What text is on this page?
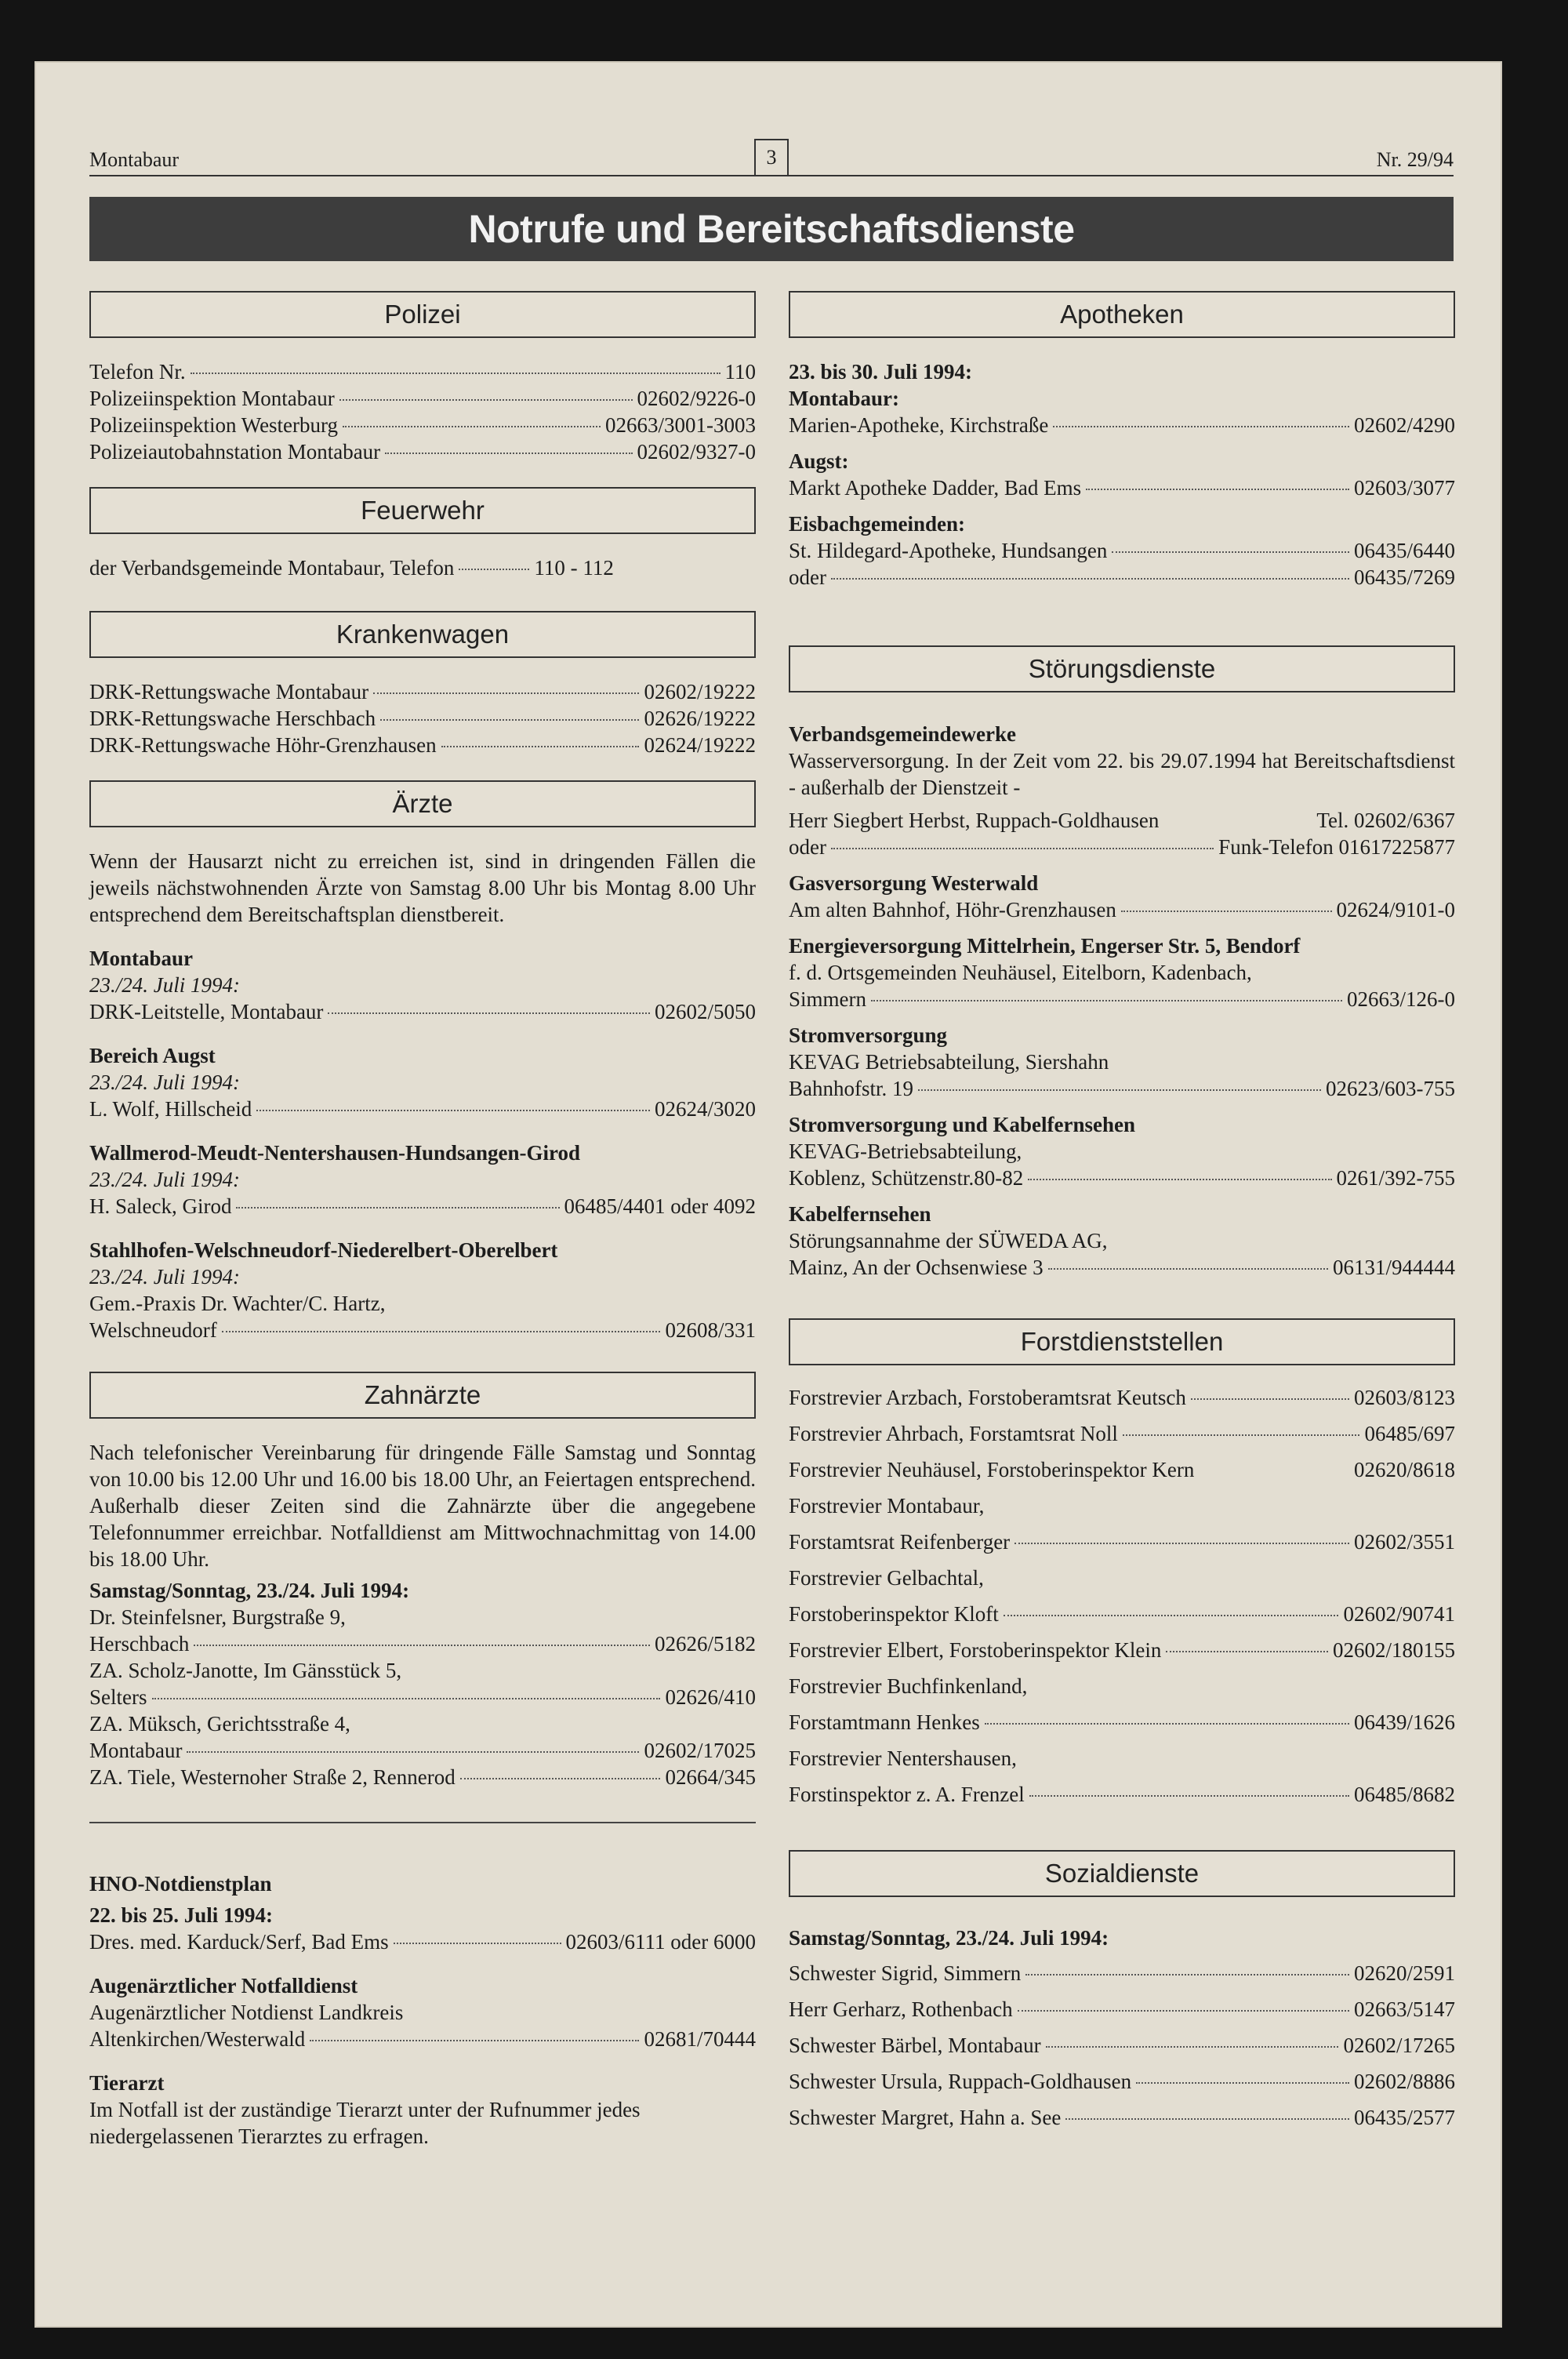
Montabaur	3	Nr. 29/94
Notrufe und Bereitschaftsdienste
Polizei
Telefon Nr.	110
Polizeiinspektion Montabaur	02602/9226-0
Polizeiinspektion Westerburg	02663/3001-3003
Polizeiautobahnstation Montabaur	02602/9327-0
Feuerwehr
der Verbandsgemeinde Montabaur, Telefon	110 - 112
Krankenwagen
DRK-Rettungswache Montabaur	02602/19222
DRK-Rettungswache Herschbach	02626/19222
DRK-Rettungswache Höhr-Grenzhausen	02624/19222
Ärzte
Wenn der Hausarzt nicht zu erreichen ist, sind in dringenden Fällen die jeweils nächstwohnenden Ärzte von Samstag 8.00 Uhr bis Montag 8.00 Uhr entsprechend dem Bereitschaftsplan dienstbereit.
Montabaur
23./24. Juli 1994:
DRK-Leitstelle, Montabaur	02602/5050
Bereich Augst
23./24. Juli 1994:
L. Wolf, Hillscheid	02624/3020
Wallmerod-Meudt-Nentershausen-Hundsangen-Girod
23./24. Juli 1994:
H. Saleck, Girod	06485/4401 oder 4092
Stahlhofen-Welschneudorf-Niederelbert-Oberelbert
23./24. Juli 1994:
Gem.-Praxis Dr. Wachter/C. Hartz,
Welschneudorf	02608/331
Zahnärzte
Nach telefonischer Vereinbarung für dringende Fälle Samstag und Sonntag von 10.00 bis 12.00 Uhr und 16.00 bis 18.00 Uhr, an Feiertagen entsprechend. Außerhalb dieser Zeiten sind die Zahnärzte über die angegebene Telefonnummer erreichbar. Notfalldienst am Mittwochnachmittag von 14.00 bis 18.00 Uhr.
Samstag/Sonntag, 23./24. Juli 1994:
Dr. Steinfelsner, Burgstraße 9,
Herschbach	02626/5182
ZA. Scholz-Janotte, Im Gänsstück 5,
Selters	02626/410
ZA. Müksch, Gerichtsstraße 4,
Montabaur	02602/17025
ZA. Tiele, Westernoher Straße 2, Rennerod	02664/345
HNO-Notdienstplan
22. bis 25. Juli 1994:
Dres. med. Karduck/Serf, Bad Ems	02603/6111 oder 6000
Augenärztlicher Notfalldienst
Augenärztlicher Notdienst Landkreis
Altenkirchen/Westerwald	02681/70444
Tierarzt
Im Notfall ist der zuständige Tierarzt unter der Rufnummer jedes niedergelassenen Tierarztes zu erfragen.
Apotheken
23. bis 30. Juli 1994:
Montabaur:
Marien-Apotheke, Kirchstraße	02602/4290
Augst:
Markt Apotheke Dadder, Bad Ems	02603/3077
Eisbachgemeinden:
St. Hildegard-Apotheke, Hundsangen	06435/6440
oder	06435/7269
Störungsdienste
Verbandsgemeindewerke
Wasserversorgung. In der Zeit vom 22. bis 29.07.1994 hat Bereitschaftsdienst - außerhalb der Dienstzeit -
Herr Siegbert Herbst, Ruppach-Goldhausen	Tel. 02602/6367
oder	Funk-Telefon 01617225877
Gasversorgung Westerwald
Am alten Bahnhof, Höhr-Grenzhausen	02624/9101-0
Energieversorgung Mittelrhein, Engerser Str. 5, Bendorf
f. d. Ortsgemeinden Neuhäusel, Eitelborn, Kadenbach,
Simmern	02663/126-0
Stromversorgung
KEVAG Betriebsabteilung, Siershahn
Bahnhofstr. 19	02623/603-755
Stromversorgung und Kabelfernsehen
KEVAG-Betriebsabteilung,
Koblenz, Schützenstr.80-82	0261/392-755
Kabelfernsehen
Störungsannahme der SÜWEDA AG,
Mainz, An der Ochsenwiese 3	06131/944444
Forstdienststellen
Forstrevier Arzbach, Forstoberamtsrat Keutsch	02603/8123
Forstrevier Ahrbach, Forstamtsrat Noll	06485/697
Forstrevier Neuhäusel, Forstoberinspektor Kern	02620/8618
Forstrevier Montabaur,
Forstamtsrat Reifenberger	02602/3551
Forstrevier Gelbachtal,
Forstoberinspektor Kloft	02602/90741
Forstrevier Elbert, Forstoberinspektor Klein	02602/180155
Forstrevier Buchfinkenland,
Forstamtmann Henkes	06439/1626
Forstrevier Nentershausen,
Forstinspektor z. A. Frenzel	06485/8682
Sozialdienste
Samstag/Sonntag, 23./24. Juli 1994:
Schwester Sigrid, Simmern	02620/2591
Herr Gerharz, Rothenbach	02663/5147
Schwester Bärbel, Montabaur	02602/17265
Schwester Ursula, Ruppach-Goldhausen	02602/8886
Schwester Margret, Hahn a. See	06435/2577
